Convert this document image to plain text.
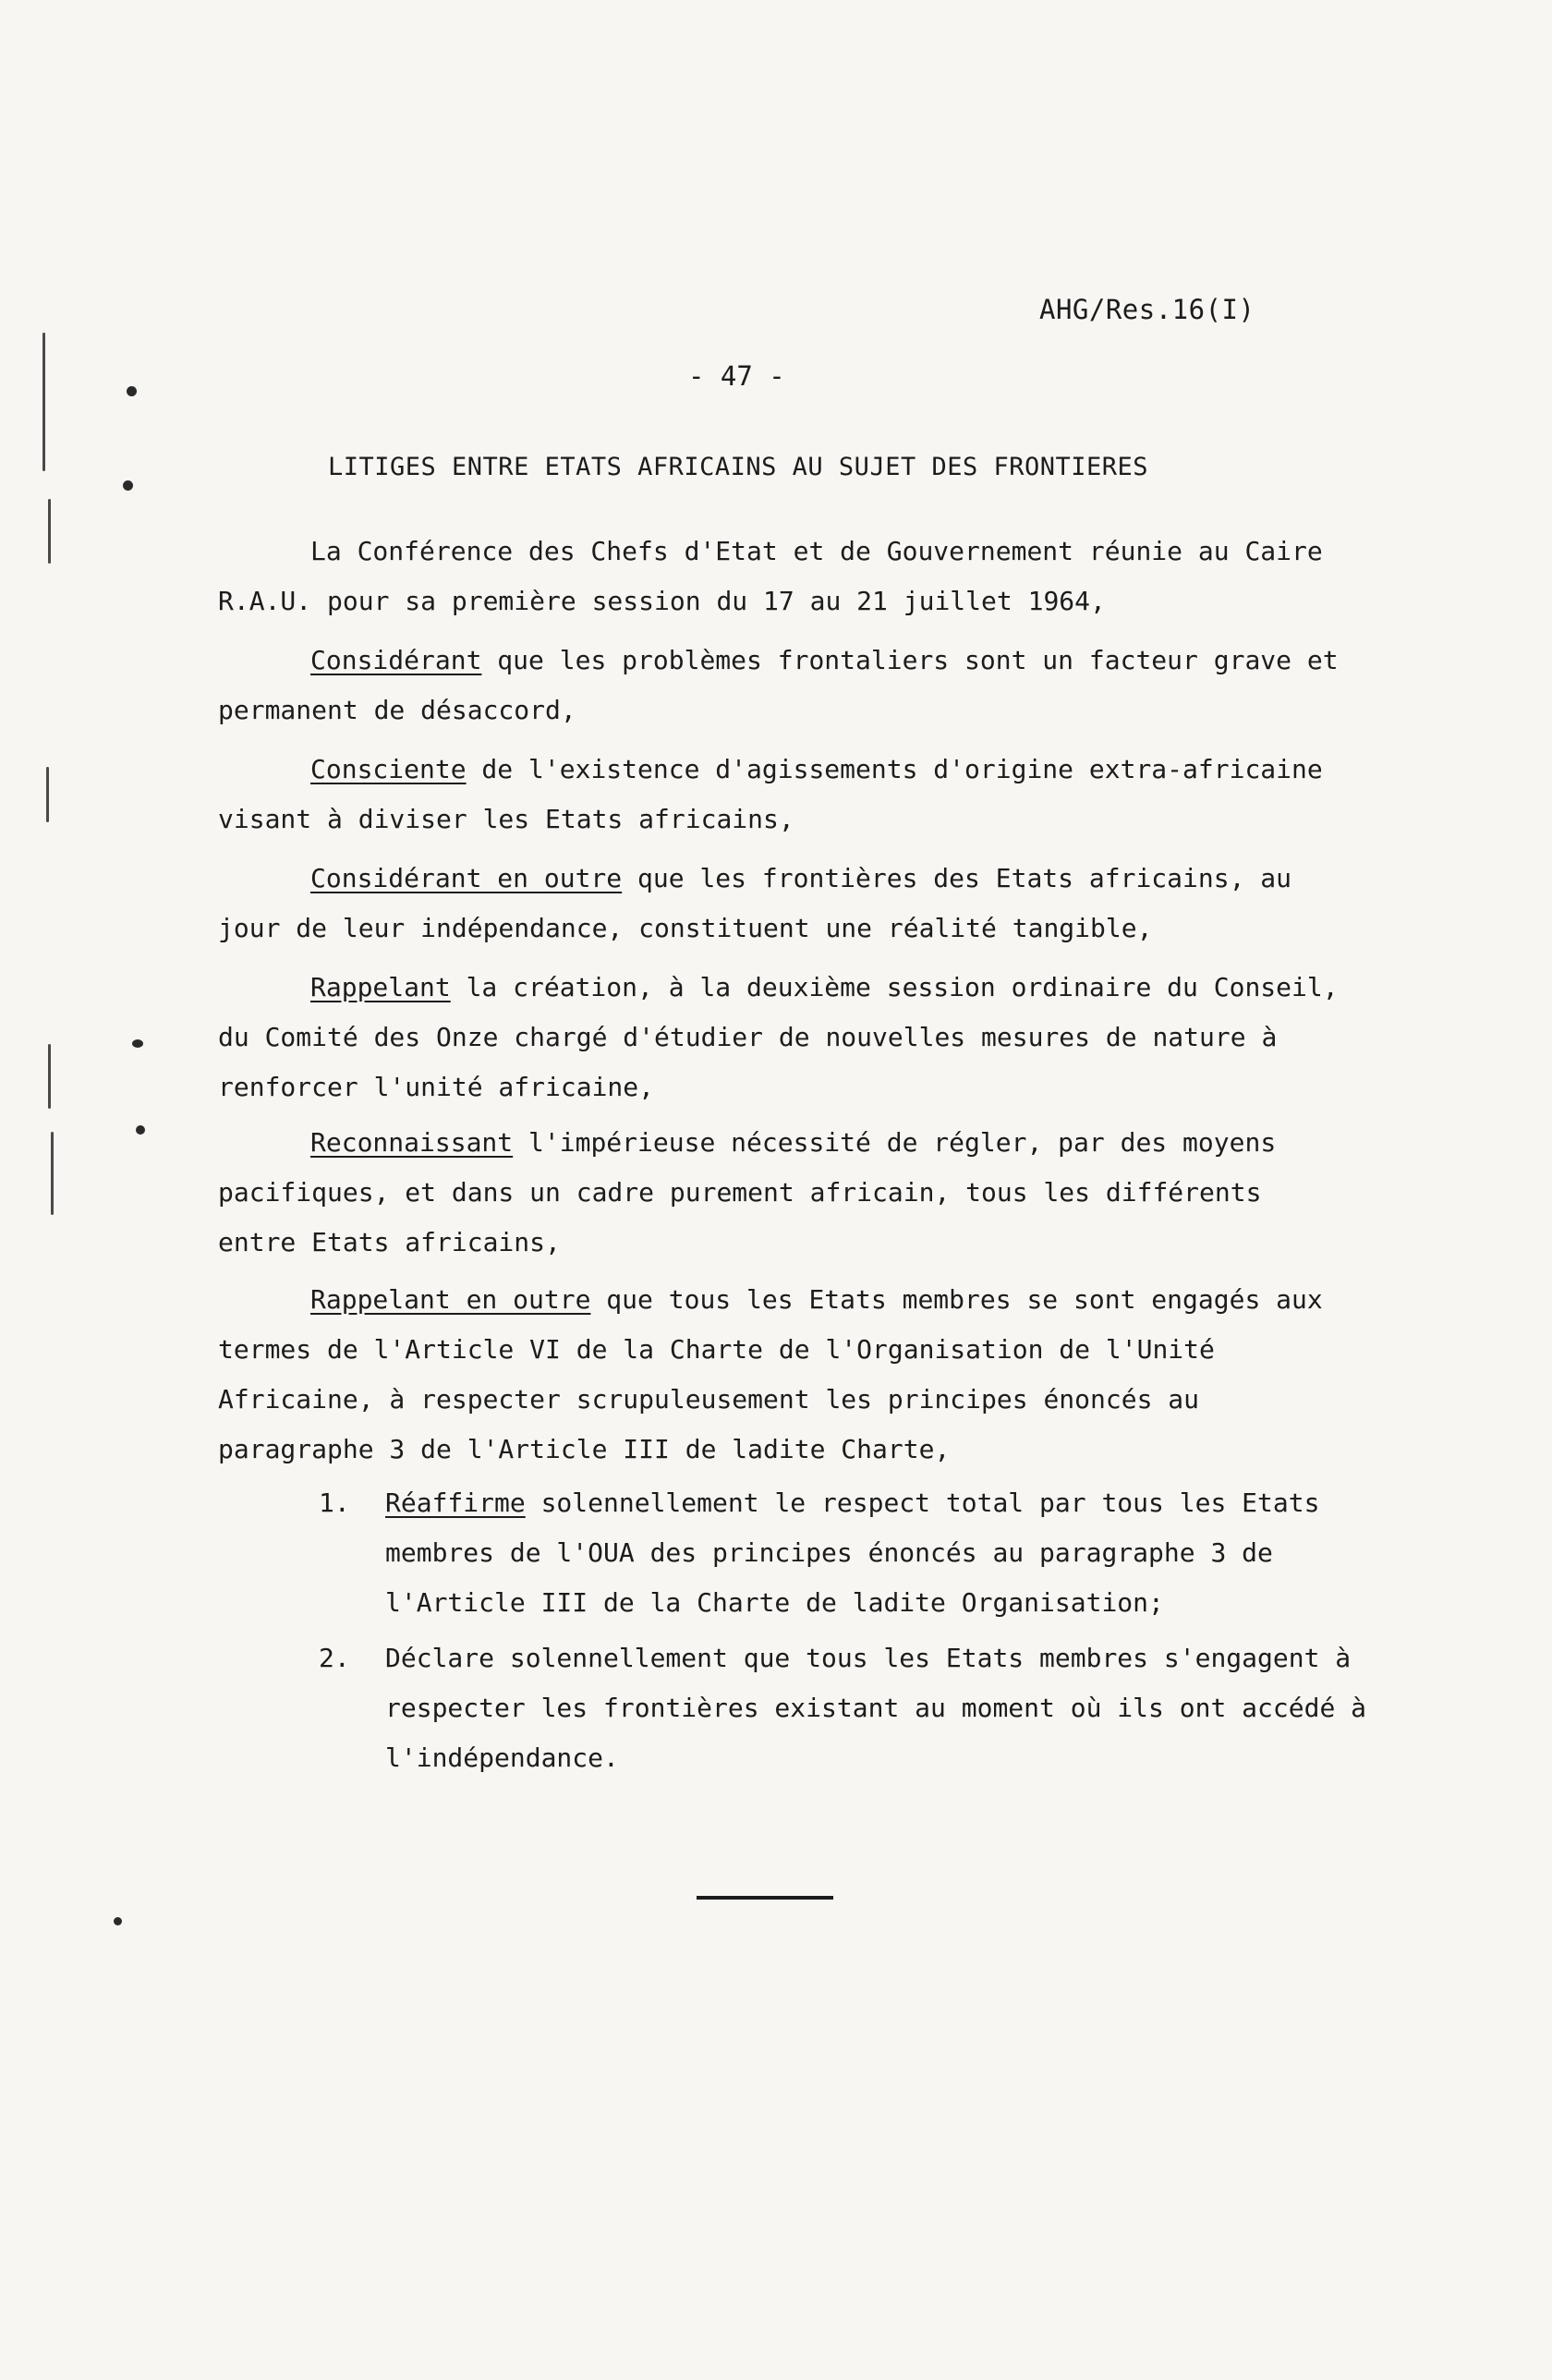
AHG/Res.16(I)
- 47 -
LITIGES ENTRE ETATS AFRICAINS AU SUJET DES FRONTIERES

La Conférence des Chefs d'Etat et de Gouvernement réunie au Caire R.A.U. pour sa première session du 17 au 21 juillet 1964,

Considérant que les problèmes frontaliers sont un facteur grave et permanent de désaccord,

Consciente de l'existence d'agissements d'origine extra-africaine visant à diviser les Etats africains,

Considérant en outre que les frontières des Etats africains, au jour de leur indépendance, constituent une réalité tangible,

Rappelant la création, à la deuxième session ordinaire du Conseil, du Comité des Onze chargé d'étudier de nouvelles mesures de nature à renforcer l'unité africaine,

Reconnaissant l'impérieuse nécessité de régler, par des moyens pacifiques, et dans un cadre purement africain, tous les différents entre Etats africains,

Rappelant en outre que tous les Etats membres se sont engagés aux termes de l'Article VI de la Charte de l'Organisation de l'Unité Africaine, à respecter scrupuleusement les principes énoncés au paragraphe 3 de l'Article III de ladite Charte,

1. Réaffirme solennellement le respect total par tous les Etats membres de l'OUA des principes énoncés au paragraphe 3 de l'Article III de la Charte de ladite Organisation;
2. Déclare solennellement que tous les Etats membres s'engagent à respecter les frontières existant au moment où ils ont accédé à l'indépendance.
